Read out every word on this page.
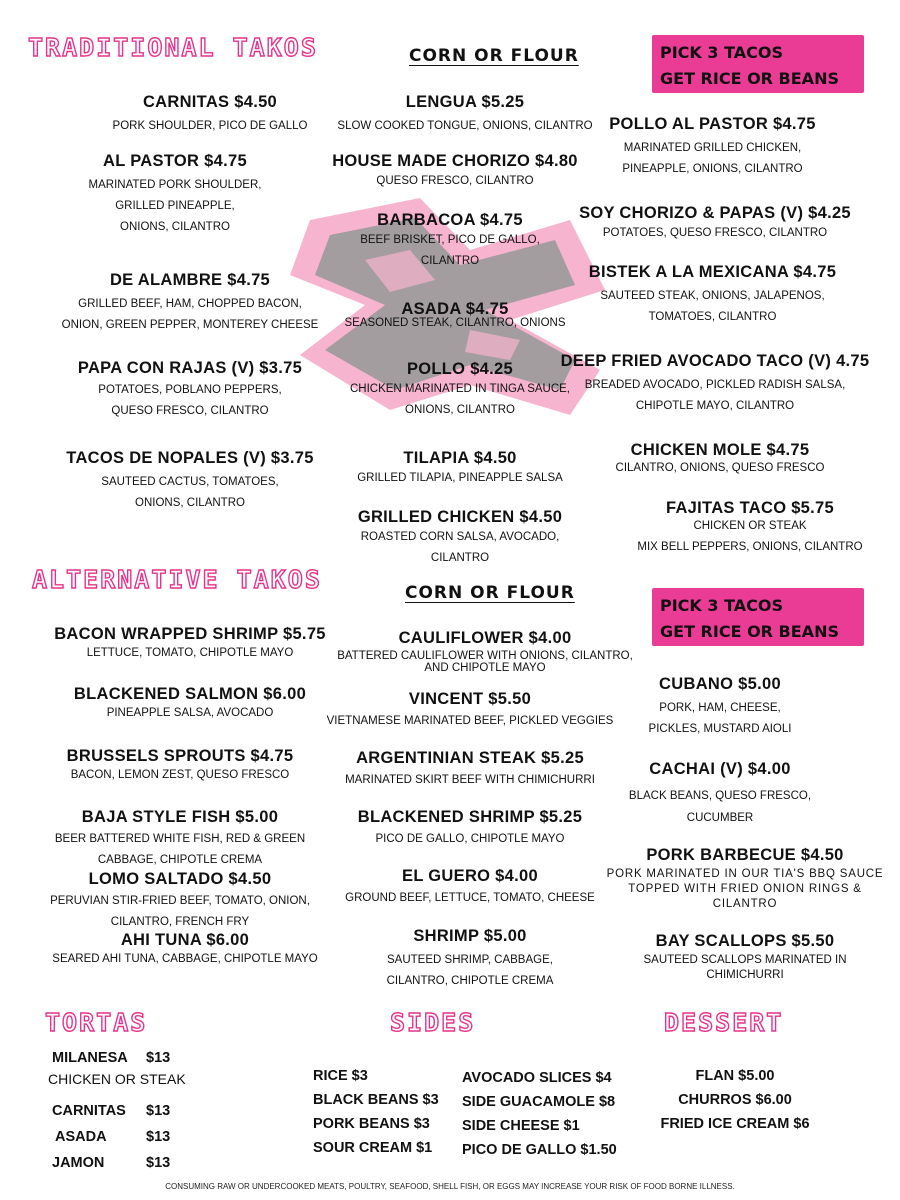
TRADITIONAL TAKOS	CORN OR FLOUR	PICK 3 TACOS
GET RICE OR BEANS
CARNITAS $4.50
PORK SHOULDER, PICO DE GALLO
AL PASTOR $4.75
MARINATED PORK SHOULDER,
GRILLED PINEAPPLE,
ONIONS, CILANTRO
DE ALAMBRE $4.75
GRILLED BEEF, HAM, CHOPPED BACON,
ONION, GREEN PEPPER, MONTEREY CHEESE
PAPA CON RAJAS (V) $3.75
POTATOES, POBLANO PEPPERS,
QUESO FRESCO, CILANTRO
TACOS DE NOPALES (V) $3.75
SAUTEED CACTUS, TOMATOES,
ONIONS, CILANTRO
LENGUA $5.25
SLOW COOKED TONGUE, ONIONS, CILANTRO
HOUSE MADE CHORIZO $4.80
QUESO FRESCO, CILANTRO
BARBACOA $4.75
BEEF BRISKET, PICO DE GALLO,
CILANTRO
ASADA $4.75
SEASONED STEAK, CILANTRO, ONIONS
POLLO $4.25
CHICKEN MARINATED IN TINGA SAUCE,
ONIONS, CILANTRO
TILAPIA $4.50
GRILLED TILAPIA, PINEAPPLE SALSA
GRILLED CHICKEN $4.50
ROASTED CORN SALSA, AVOCADO,
CILANTRO
POLLO AL PASTOR $4.75
MARINATED GRILLED CHICKEN,
PINEAPPLE, ONIONS, CILANTRO
SOY CHORIZO & PAPAS (V) $4.25
POTATOES, QUESO FRESCO, CILANTRO
BISTEK A LA MEXICANA $4.75
SAUTEED STEAK, ONIONS, JALAPENOS,
TOMATOES, CILANTRO
DEEP FRIED AVOCADO TACO (V) 4.75
BREADED AVOCADO, PICKLED RADISH SALSA,
CHIPOTLE MAYO, CILANTRO
CHICKEN MOLE $4.75
CILANTRO, ONIONS, QUESO FRESCO
FAJITAS TACO $5.75
CHICKEN OR STEAK
MIX BELL PEPPERS, ONIONS, CILANTRO
ALTERNATIVE TAKOS	CORN OR FLOUR
PICK 3 TACOS
GET RICE OR BEANS
BACON WRAPPED SHRIMP $5.75
LETTUCE, TOMATO, CHIPOTLE MAYO
BLACKENED SALMON $6.00
PINEAPPLE SALSA, AVOCADO
BRUSSELS SPROUTS $4.75
BACON, LEMON ZEST, QUESO FRESCO
BAJA STYLE FISH $5.00
BEER BATTERED WHITE FISH, RED & GREEN
CABBAGE, CHIPOTLE CREMA
LOMO SALTADO $4.50
PERUVIAN STIR-FRIED BEEF, TOMATO, ONION,
CILANTRO, FRENCH FRY
AHI TUNA $6.00
SEARED AHI TUNA, CABBAGE, CHIPOTLE MAYO
CAULIFLOWER $4.00
BATTERED CAULIFLOWER WITH ONIONS, CILANTRO,
AND CHIPOTLE MAYO
VINCENT $5.50
VIETNAMESE MARINATED BEEF, PICKLED VEGGIES
ARGENTINIAN STEAK $5.25
MARINATED SKIRT BEEF WITH CHIMICHURRI
BLACKENED SHRIMP $5.25
PICO DE GALLO, CHIPOTLE MAYO
EL GUERO $4.00
GROUND BEEF, LETTUCE, TOMATO, CHEESE
SHRIMP $5.00
SAUTEED SHRIMP, CABBAGE,
CILANTRO, CHIPOTLE CREMA
CUBANO $5.00
PORK, HAM, CHEESE,
PICKLES, MUSTARD AIOLI
CACHAI (V) $4.00
BLACK BEANS, QUESO FRESCO,
CUCUMBER
PORK BARBECUE $4.50
PORK MARINATED IN OUR TIA'S BBQ SAUCE
TOPPED WITH FRIED ONION RINGS &
CILANTRO
BAY SCALLOPS $5.50
SAUTEED SCALLOPS MARINATED IN
CHIMICHURRI
TORTAS
MILANESA $13
CHICKEN OR STEAK
CARNITAS $13
ASADA	$13
JAMON	$13
SIDES
RICE $3
BLACK BEANS $3
PORK BEANS $3
SOUR CREAM $1
AVOCADO SLICES $4
SIDE GUACAMOLE $8
SIDE CHEESE $1
PICO DE GALLO $1.50
DESSERT
FLAN $5.00
CHURROS $6.00
FRIED ICE CREAM $6
CONSUMING RAW OR UNDERCOOKED MEATS, POULTRY, SEAFOOD, SHELL FISH, OR EGGS MAY INCREASE YOUR RISK OF FOOD BORNE ILLNESS.
